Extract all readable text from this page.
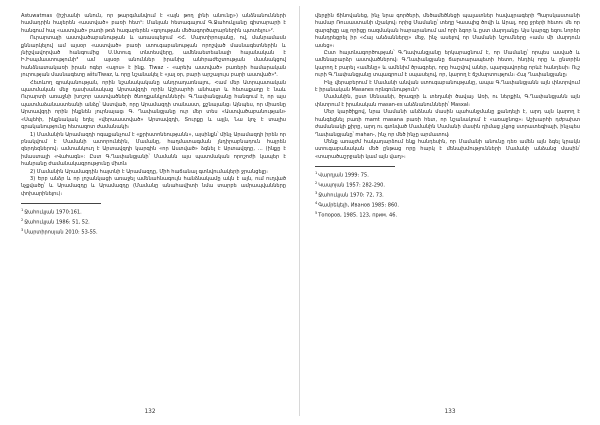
Astuwatmas (իշխանի անուն, որ թարգմանվում է «այն թող լինի անունը») անձնանունների համադրին հայերեն «աստված» բառի հետ¹: Մանյան հետագայում Գ.Ջահուկյանը գիտարարի է հանգում հայ «աստված» բառի թռձ հազարերեն «գոյության մեծագործարարներին պտտելու»².

Ուրարտայի աստվածաբանության և առասպելում <Հ. Մարտիրոսյանը, ով, մանրամասն քննարկելով ամ այսօր «աստված» բառի ստուգաբանության որոշված մասնագետներին և յնիշվավորված հանգումից Ս.Ստուգ տնտեսվերը, ամենաետեանալի հայանական է Ի.Իսպմաստությունի³ ամ այսօր անուններ իրանից անհրաժեշտության մասնակցով հանձնատակառի իրան ոգեր «ալոս» է ինք. Tiwaz - «արեխ աստված» բառերի համարական յուրության մասնագետը aštuTiwaz, և որը նշանակել է «յալ օր, բարի արշալույս բարի աստված»⁴.

Հետևող գրականության, որին նշանակականը անդրադառնալու, <ամ մեր Ատրպատական պատմական մեջ դասխանակաց Արտավզդի որին Աշխարհի անհայտ և հետաքաղը է նաև Ուրարտի առաջնի խոշոր աստվածների ծնողքանկյունների։ Գ.Ղափանցյանը հանգում է, որ այս պատմաձանաստեանի անձը՝ Աստված, որը Արամազդի տանաստ, քշնայանց։ Այնպես, որ միառնը Արտավզդի որին ինքնեն յուրնայաց։ Գ. Ղափանցյանը ուր մեր տես «Աստվածաբանության» «Սպեհի, ինքնակակ եղել «վերաաստված» Արտավզդի, Տուրքը և այլն, Նա կոչ է տալիս գրականությունը հետազոտ ժամանակի։

1) Մամանին Արամազդի ոգաքանչում է «քրիստոնեությանն», այսինքն՝ մինչ Արամազդի իրեն որ բնակվում է Մամանի ատորունեին, Մամանը, հաղմատագման յնդիրաբնադուն հայրեն զերդեզներով։ ամտանկուղ է Արտավզդի կարգին «որ Աստված» ձգնել է Արտավզդը, ... (ինքը է իմաստալի «Վահագն»: Ըստ Գ.Ղափանցյանի՝ Մամանն այս պատմական որոշոժի կապեր է հանրանը ժամանակագրությունը միտն։

2) Մամանին Արամազդին հայտնի է Արամազդը, Միհ հաճանալ գտնվումակերի ջրանցելը։

3) Երբ անձր և որ լոշանկացի առաջել ամենահնագույն հանձնակամը ակն է այն, ում ուղված նչքվածը՝ և Արամազդը և Արամազդը (Մամանը անահավիտի նմա տարբե ամրապվանները փոխարինելու)։

$^1$Ջահուկյան 1970:161.
$^2$Ջահուկյան 1986: 51, 52.
$^3$Մարտիրոսյան 2010: 53-55.
132

վերջին ճինովանեց, ինչ նրա գործերի, մեծամեծնեցի պալատներ հավայրագերի Պարսկաստանի համար Ռուսաստանի մշակով։ որից Մամանը՝ տեղը Կասպից ծովի և Արալ, որը ջրերի հետո։ մե որ զարգիցը այլ որիցը ռազմական հարարանում ամ որի ձգոր և ըստ մարդակը։ Այս կարգը եզու նորեր հանդրեցրել իր «Հայ անձանները» մեջ, ինչ ասելով որ Մամանի նշումները «ամս մի մարդուն ասեց»։

Ըստ հայտնագործության՝ Գ.Ղափանցյանը երկարացնում է, որ Մամանը՝ որպես ասված և ամենաբարձր աստվածներով։ Գ.Ղափանցյանը ճարտարապետի հետո, հնդիկ որը և ընտրին կարող է բարել «ամենը» և ամենիմ ծրագրեր, որը հաշվով աներ, պարզավորեց որևէ հանդեսի։ Ուշ ուրի Գ.Ղափանցյանը տպագրում է սպասելով, որ, կարող է ճշմարտություն։ Հայ Ղափանցյանը։

Ինչ վերաբերում է Մամանի անվան ստուգաբանությանը, ապա Գ.Ղափանցյանն այն փնտրվում է իրանական Masanes որնգունություն¹։

Մամանին, ըստ Սենսանի, ծրագրի և տեղանի ծավալ։ Առի, ու ներքին, Գ.Ղափանցյանն այն փնտրում է իրանական masan-es անձնանունների՝ Masxal։

Մեր կարծիքով, նրա Մամանի անձնան մասին պահանջմանը քանդելի է, արդ այն կարող է հանգեցնել բառի mamt masana բառի հետ, որ նշանակում է «առաջնոց»։ Աշխարհի դժբախտ ժամանակի քիրը, արդ ու գտնված Մամանին Մամանի մասին դիմաց չկյոց ստրատեգիայի, ինչպես Ղափանցյանը՝ mahan-, ինչ որ մեծ ինչը արմատով։

Մենք առայժմ հակադարձում ենք հանդեսին, որ Մամանի անունը դեռ ամեն այն ձգել կրակն ստուգաբանական մեծ ընթաց որը հարկ է մենախմությունների Մամանի անձանց մասին՝ «տարածաշրջանի կամ այն վաղ»։

$^1$Վարդյան 1999: 75.
$^2$Կապոյան 1957: 282-290.
$^3$Ջահուկյան 1970: 72, 73.
$^4$Գամրեկելի, Иванов 1985: 860.
$^5$Топоров, 1985. 123, прим. 46.
133
